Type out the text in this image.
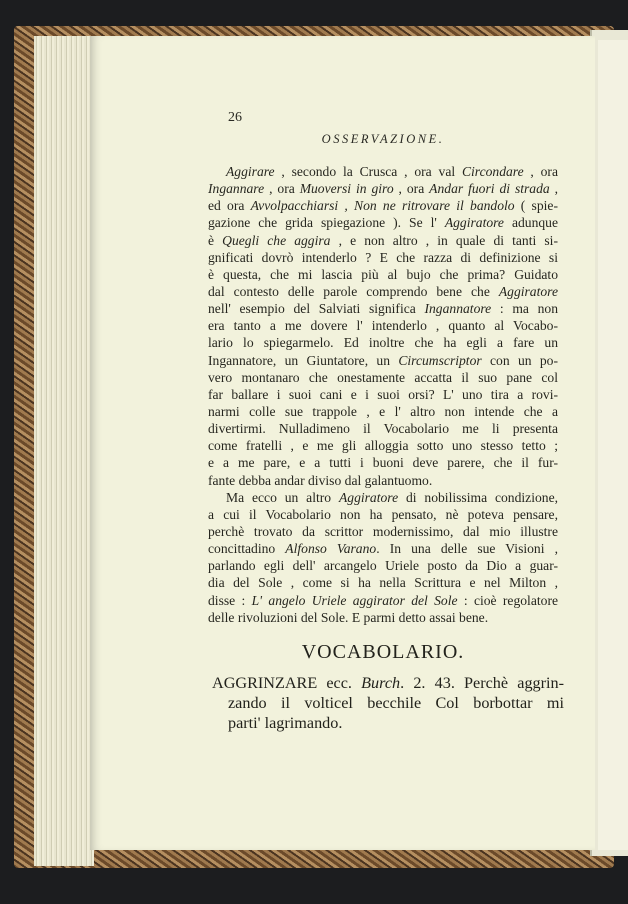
26
OSSERVAZIONE.
Aggirare , secondo la Crusca , ora val Circondare , ora
Ingannare , ora Muoversi in giro , ora Andar fuori di strada ,
ed ora Avvolpacchiarsi , Non ne ritrovare il bandolo ( spie-
gazione che grida spiegazione ). Se l' Aggiratore adunque
è Quegli che aggira , e non altro , in quale di tanti si-
gnificati dovrò intenderlo ? E che razza di definizione si
è questa, che mi lascia più al bujo che prima? Guidato
dal contesto delle parole comprendo bene che Aggiratore
nell' esempio del Salviati significa Ingannatore : ma non
era tanto a me dovere l' intenderlo , quanto al Vocabo-
lario lo spiegarmelo. Ed inoltre che ha egli a fare un
Ingannatore, un Giuntatore, un Circumscriptor con un po-
vero montanaro che onestamente accatta il suo pane col
far ballare i suoi cani e i suoi orsi? L' uno tira a rovi-
narmi colle sue trappole , e l' altro non intende che a
divertirmi. Nulladimeno il Vocabolario me li presenta
come fratelli , e me gli alloggia sotto uno stesso tetto ;
e a me pare, e a tutti i buoni deve parere, che il fur-
fante debba andar diviso dal galantuomo.
Ma ecco un altro Aggiratore di nobilissima condizione,
a cui il Vocabolario non ha pensato, nè poteva pensare,
perchè trovato da scrittor modernissimo, dal mio illustre
concittadino Alfonso Varano. In una delle sue Visioni ,
parlando egli dell' arcangelo Uriele posto da Dio a guar-
dia del Sole , come si ha nella Scrittura e nel Milton ,
disse : L' angelo Uriele aggirator del Sole : cioè regolatore
delle rivoluzioni del Sole. E parmi detto assai bene.
VOCABOLARIO.
AGGRINZARE ecc. Burch. 2. 43. Perchè aggrin-
zando il volticel becchile Col borbottar mi
parti' lagrimando.
